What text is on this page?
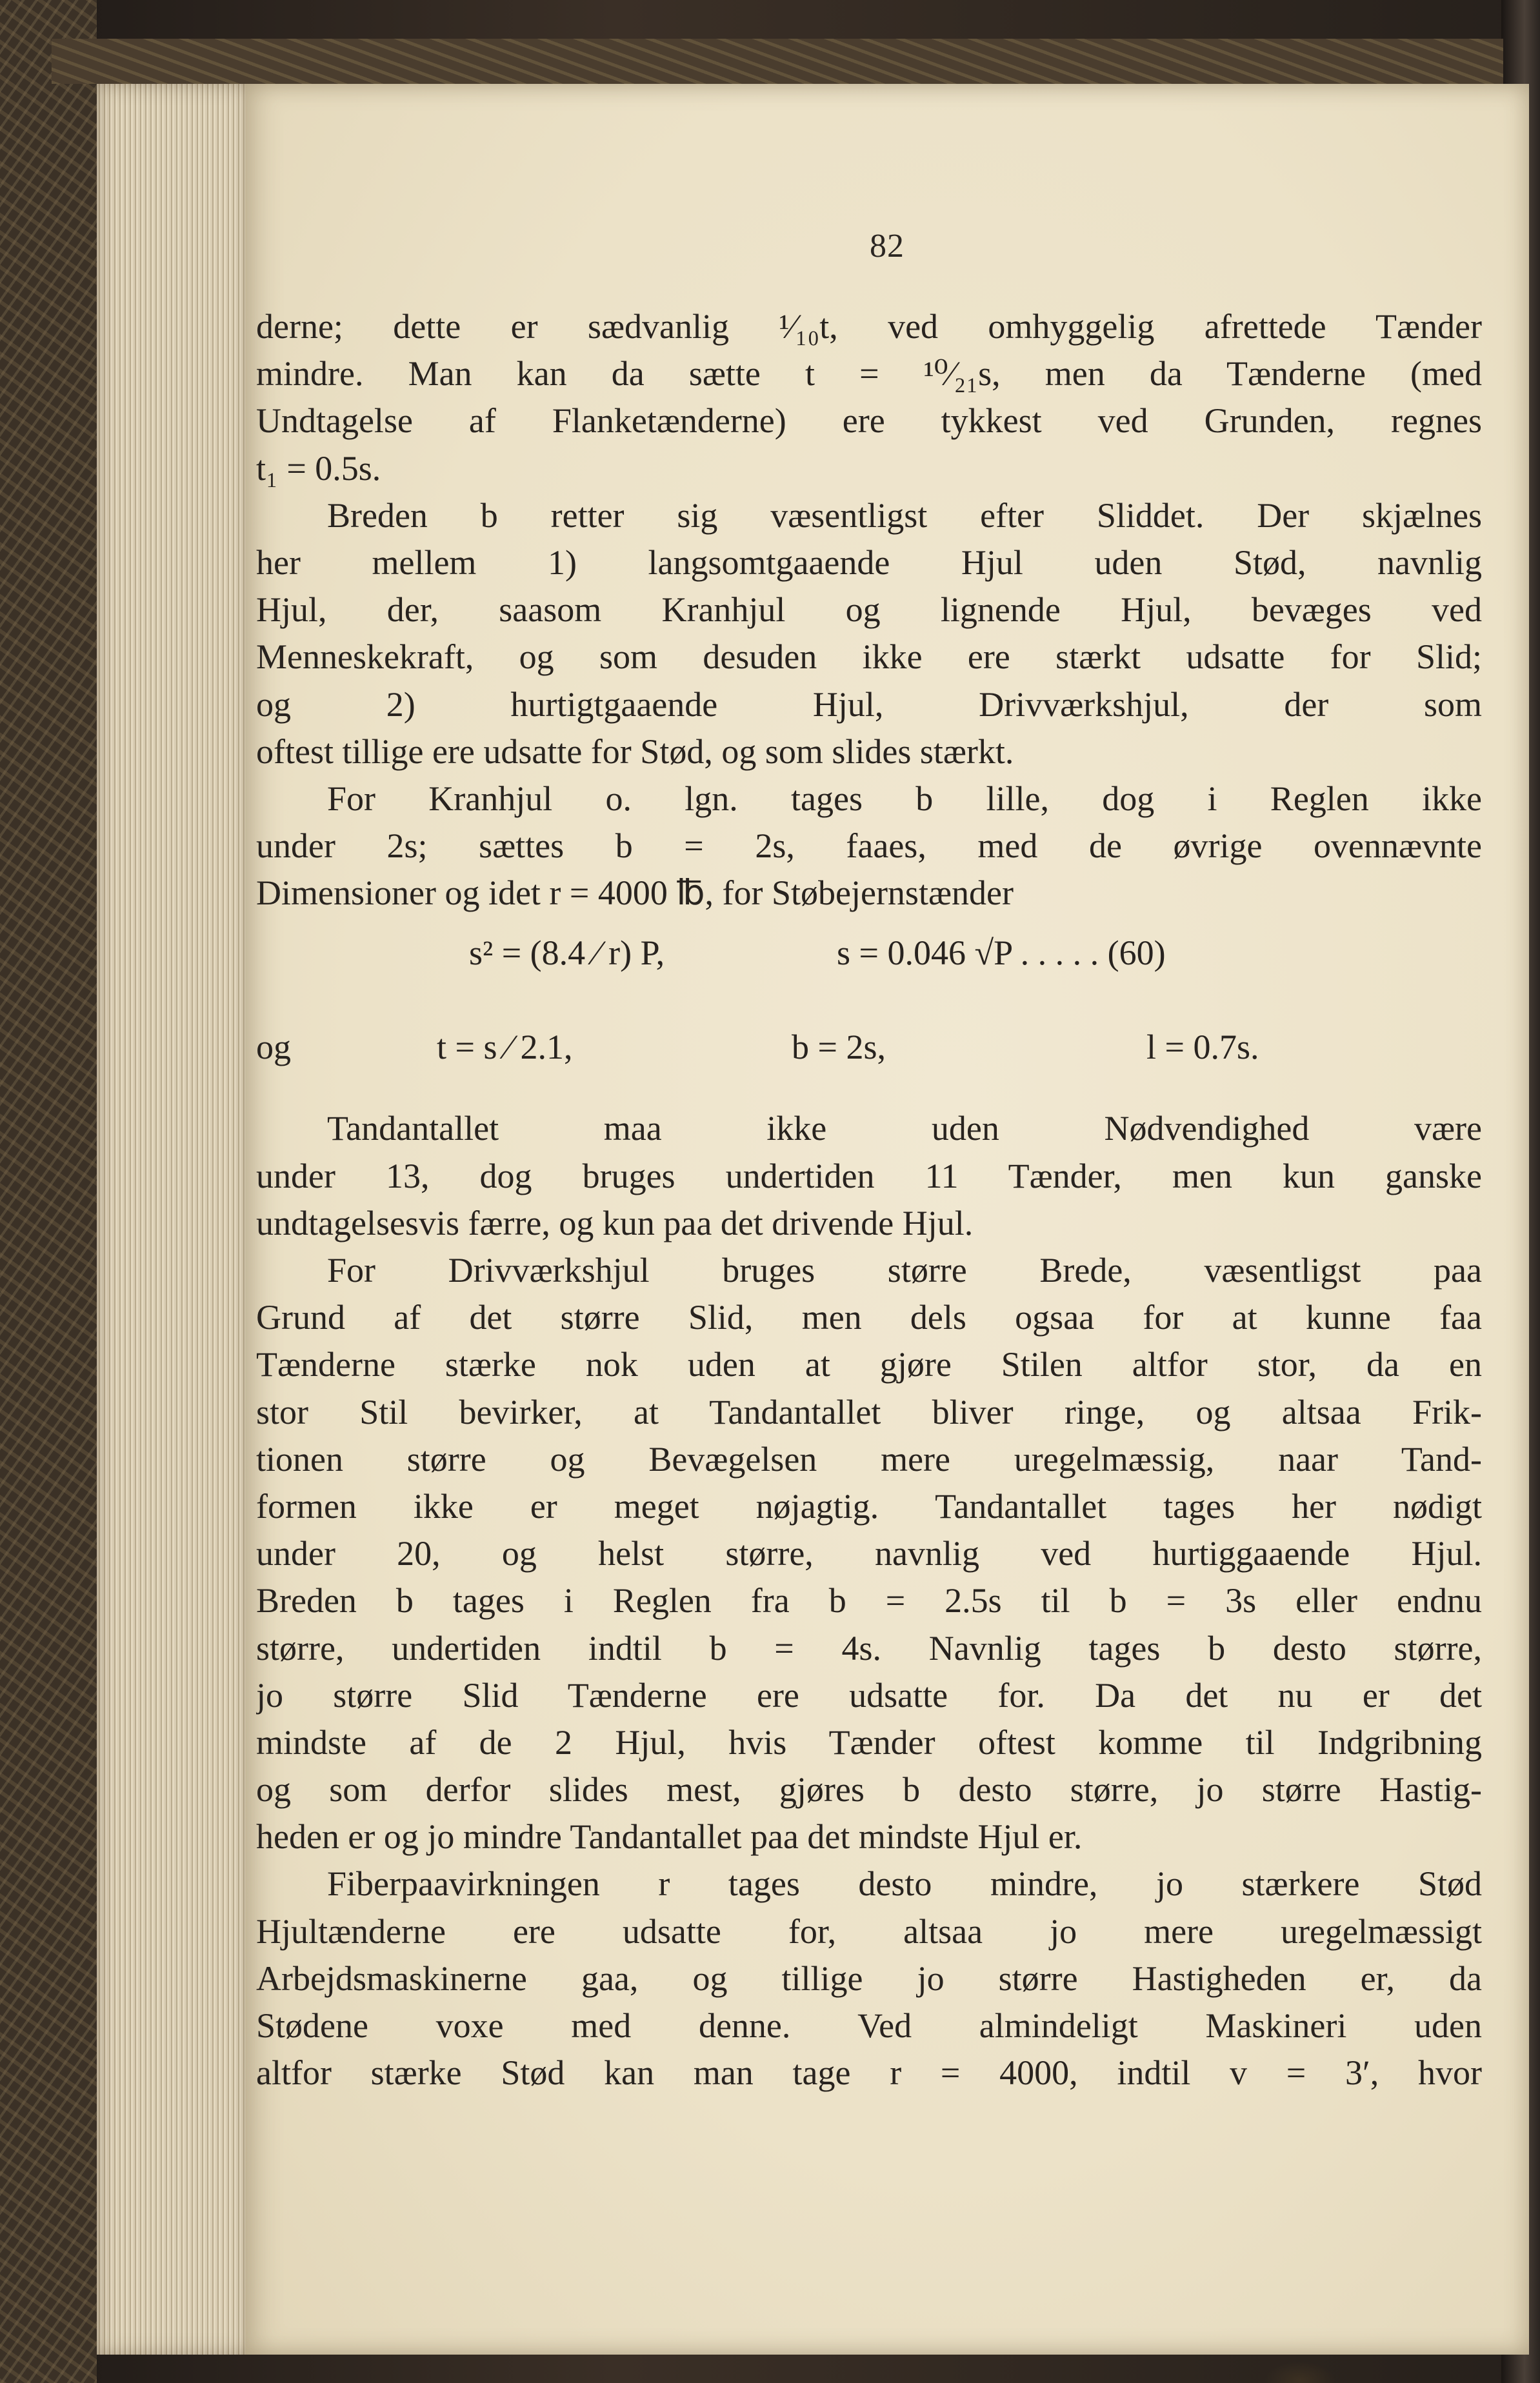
82
derne; dette er sædvanlig ¹⁄₁₀t, ved omhyggelig afrettede Tænder
mindre. Man kan da sætte t = ¹⁰⁄₂₁s, men da Tænderne (med
Undtagelse af Flanketænderne) ere tykkest ved Grunden, regnes
t₁ = 0.5s.
Breden b retter sig væsentligst efter Sliddet. Der skjælnes
her mellem 1) langsomtgaaende Hjul uden Stød, navnlig
Hjul, der, saasom Kranhjul og lignende Hjul, bevæges ved
Menneskekraft, og som desuden ikke ere stærkt udsatte for Slid;
og 2) hurtigtgaaende Hjul, Drivværkshjul, der som
oftest tillige ere udsatte for Stød, og som slides stærkt.
For Kranhjul o. lgn. tages b lille, dog i Reglen ikke
under 2s; sættes b = 2s, faaes, med de øvrige ovennævnte
Dimensioner og idet r = 4000 ℔, for Støbejernstænder
s² = (8.4 ⁄ r) P,	s = 0.046 √P . . . . . (60)
og	t = s ⁄ 2.1,	b = 2s,	l = 0.7s.
Tandantallet maa ikke uden Nødvendighed være
under 13, dog bruges undertiden 11 Tænder, men kun ganske
undtagelsesvis færre, og kun paa det drivende Hjul.
For Drivværkshjul bruges større Brede, væsentligst paa
Grund af det større Slid, men dels ogsaa for at kunne faa
Tænderne stærke nok uden at gjøre Stilen altfor stor, da en
stor Stil bevirker, at Tandantallet bliver ringe, og altsaa Frik-
tionen større og Bevægelsen mere uregelmæssig, naar Tand-
formen ikke er meget nøjagtig. Tandantallet tages her nødigt
under 20, og helst større, navnlig ved hurtiggaaende Hjul.
Breden b tages i Reglen fra b = 2.5s til b = 3s eller endnu
større, undertiden indtil b = 4s. Navnlig tages b desto større,
jo større Slid Tænderne ere udsatte for. Da det nu er det
mindste af de 2 Hjul, hvis Tænder oftest komme til Indgribning
og som derfor slides mest, gjøres b desto større, jo større Hastig-
heden er og jo mindre Tandantallet paa det mindste Hjul er.
Fiberpaavirkningen r tages desto mindre, jo stærkere Stød
Hjultænderne ere udsatte for, altsaa jo mere uregelmæssigt
Arbejdsmaskinerne gaa, og tillige jo større Hastigheden er, da
Stødene voxe med denne. Ved almindeligt Maskineri uden
altfor stærke Stød kan man tage r = 4000, indtil v = 3′, hvor
